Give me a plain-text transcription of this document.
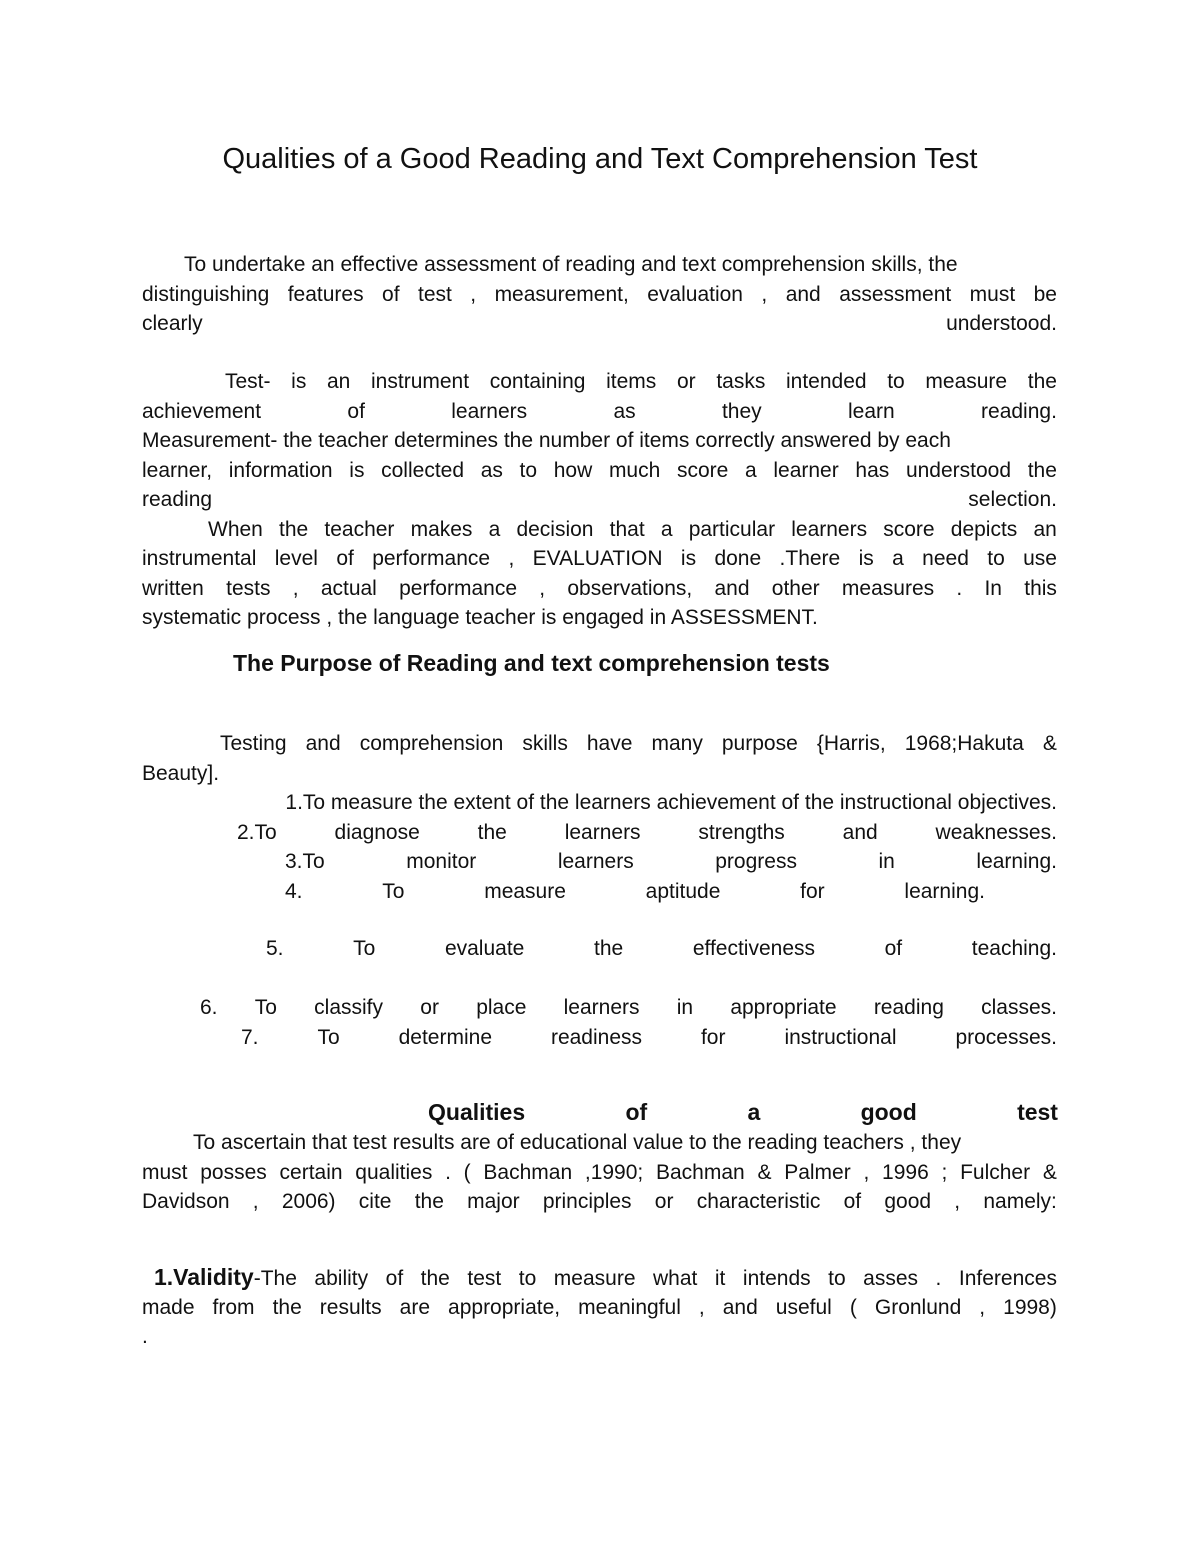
Qualities of a Good Reading and Text Comprehension Test
To undertake an effective assessment of reading and text comprehension skills, the
distinguishing features of test , measurement, evaluation , and assessment must be
clearly	understood.
Test- is an instrument containing items or tasks intended to measure the
achievement	of	learners	as	they	learn	reading.
Measurement- the teacher determines the number of items correctly answered by each
learner, information is collected as to how much score a learner has understood the
reading	selection.
When the teacher makes a decision that a particular learners score depicts an
instrumental level of performance , EVALUATION is done .There is a need to use
written tests , actual performance , observations, and other measures . In this
systematic process , the language teacher is engaged in ASSESSMENT.
The Purpose of Reading and text comprehension tests
Testing and comprehension skills have many purpose {Harris, 1968;Hakuta &
Beauty].
1.To measure the extent of the learners achievement of the instructional objectives.
2.To	diagnose	the	learners	strengths	and	weaknesses.
3.To	monitor	learners	progress	in	learning.
4.	To	measure	aptitude	for	learning.
5.	To	evaluate	the	effectiveness	of	teaching.
6. To classify or place learners in appropriate reading classes.
7.	To	determine	readiness	for	instructional	processes.
Qualities	of	a	good	test
To ascertain that test results are of educational value to the reading teachers , they
must posses certain qualities . ( Bachman ,1990; Bachman & Palmer , 1996 ; Fulcher &
Davidson , 2006) cite the major principles or characteristic of good , namely:
1.Validity -The ability of the test to measure what it intends to asses . Inferences
made from the results are appropriate, meaningful , and useful ( Gronlund , 1998)
.
